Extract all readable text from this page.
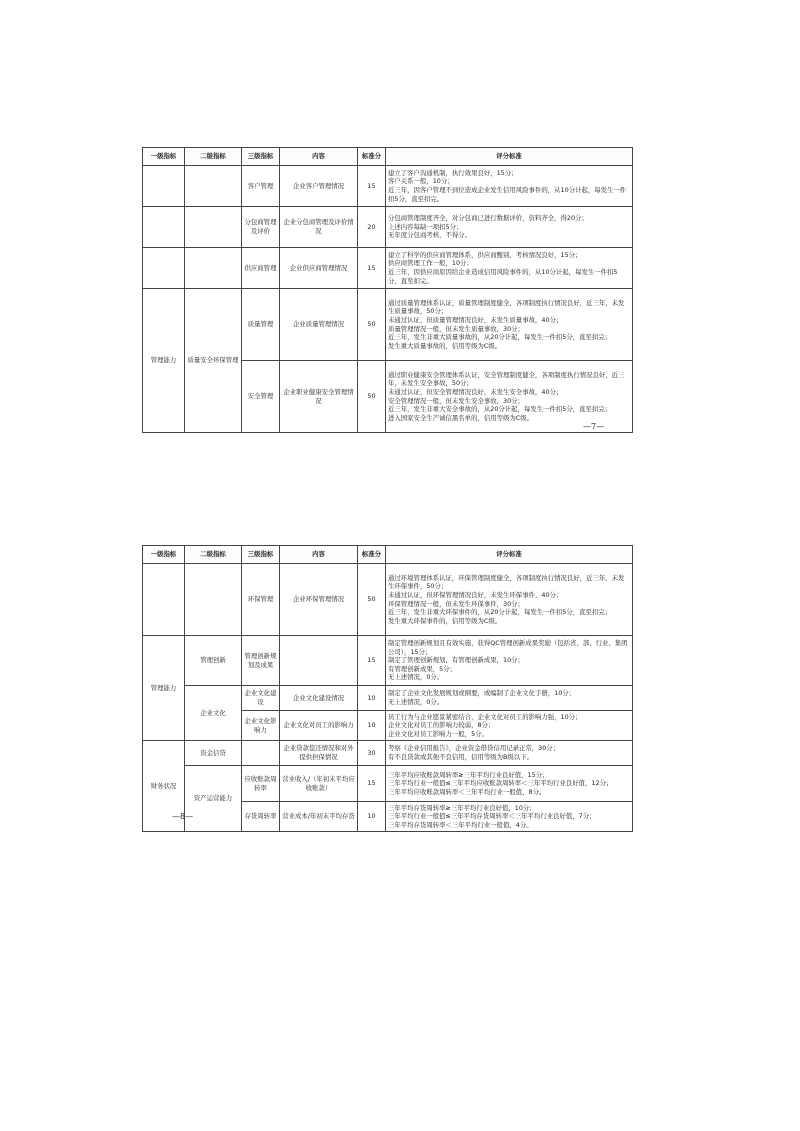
一级指标	二级指标	三级指标	内容	标准分	评分标准
		客户管理	企业客户管理情况	15	建立了客户沟通机制，执行效果良好，15分；
客户关系一般，10分；
近三年，因客户管理不到位造成企业发生信用风险事件的，从10分计起，每发生一件扣5分，直至扣完。

		分包商管理及评价	企业分包商管理及评价情况	20	分包商管理制度齐全，对分包商已进行数据评价，资料齐全，得20分；
上述内容每缺一项扣5分；
无年度分包商考核，不得分。

		供应商管理	企业供应商管理情况	15	建立了科学的供应商管理体系，供应商甄别、考核情况良好，15分；
供应商管理工作一般，10分；
近三年，因供应商原因给企业造成信用风险事件的，从10分计起，每发生一件扣5分，直至扣完。

管理能力	质量安全环保管理	质量管理	企业质量管理情况	50	通过质量管理体系认证，质量管理制度健全，各项制度执行情况良好，近三年，未发生质量事故，50分；
未通过认证，但质量管理情况良好，未发生质量事故，40分；
质量管理情况一般，但未发生质量事故，30分；
近三年，发生非重大质量事故的，从20分计起，每发生一件扣5分，直至扣完；
发生重大质量事故的，信用等级为C级。

		安全管理	企业职业健康安全管理情况	50	通过职业健康安全管理体系认证，安全管理制度健全，各项制度执行情况良好，近三年，未发生安全事故，50分；
未通过认证，但安全管理情况良好，未发生安全事故，40分；
安全管理情况一般，但未发生安全事故，30分；
近三年，发生非重大安全事故的，从20分计起，每发生一件扣5分，直至扣完；
进入国家安全生产诚信黑名单的，信用等级为C级。
—7—
一级指标	二级指标	三级指标	内容	标准分	评分标准
		环保管理	企业环保管理情况	50	通过环境管理体系认证，环保管理制度健全，各项制度执行情况良好，近三年，未发生环保事件，50分；
未通过认证，但环保管理情况良好，未发生环保事件，40分；
环保管理情况一般，但未发生环保事件，30分；
近三年，发生非重大环保事件的，从20分计起，每发生一件扣5分，直至扣完；
发生重大环保事件的，信用等级为C级。

管理能力	管理创新	管理创新规划及成果		15	制定管理创新规划且有效实施，获得QC管理创新成果奖励（包括省、部、行业、集团公司），15分；
制定了管理创新规划，有管理创新成果，10分；
有管理创新成果，5分；
无上述情况，0分。

	企业文化	企业文化建设	企业文化建设情况	10	制定了企业文化发展规划或纲要，或编制了企业文化手册，10分；
无上述情况，0分。

		企业文化影响力	企业文化对员工的影响力	10	员工行为与企业愿景紧密结合，企业文化对员工的影响力强，10分；
企业文化对员工的影响力较弱，8分；
企业文化对员工影响力一般，5分。

财务状况	资金信贷		企业贷款偿还情况和对外提供担保情况	30	考察《企业信用报告》，企业资金借贷信用记录正常，30分；
有不良贷款或其他不良信用，信用等级为B级以下。

	资产运营能力	应收账款周转率	营业收入/（年初末平均应收账款）	15	三年平均应收账款周转率≥三年平均行业良好值，15分；
三年平均行业一般值≤三年平均应收账款周转率＜三年平均行业良好值，12分；
三年平均应收账款周转率＜三年平均行业一般值，8分。

		存货周转率	营业成本/年初末平均存货	10	三年平均存货周转率≥三年平均行业良好值，10分；
三年平均行业一般值≤三年平均存货周转率＜三年平均行业良好值，7分；
三年平均存货周转率＜三年平均行业一般值，4分。
—8—
